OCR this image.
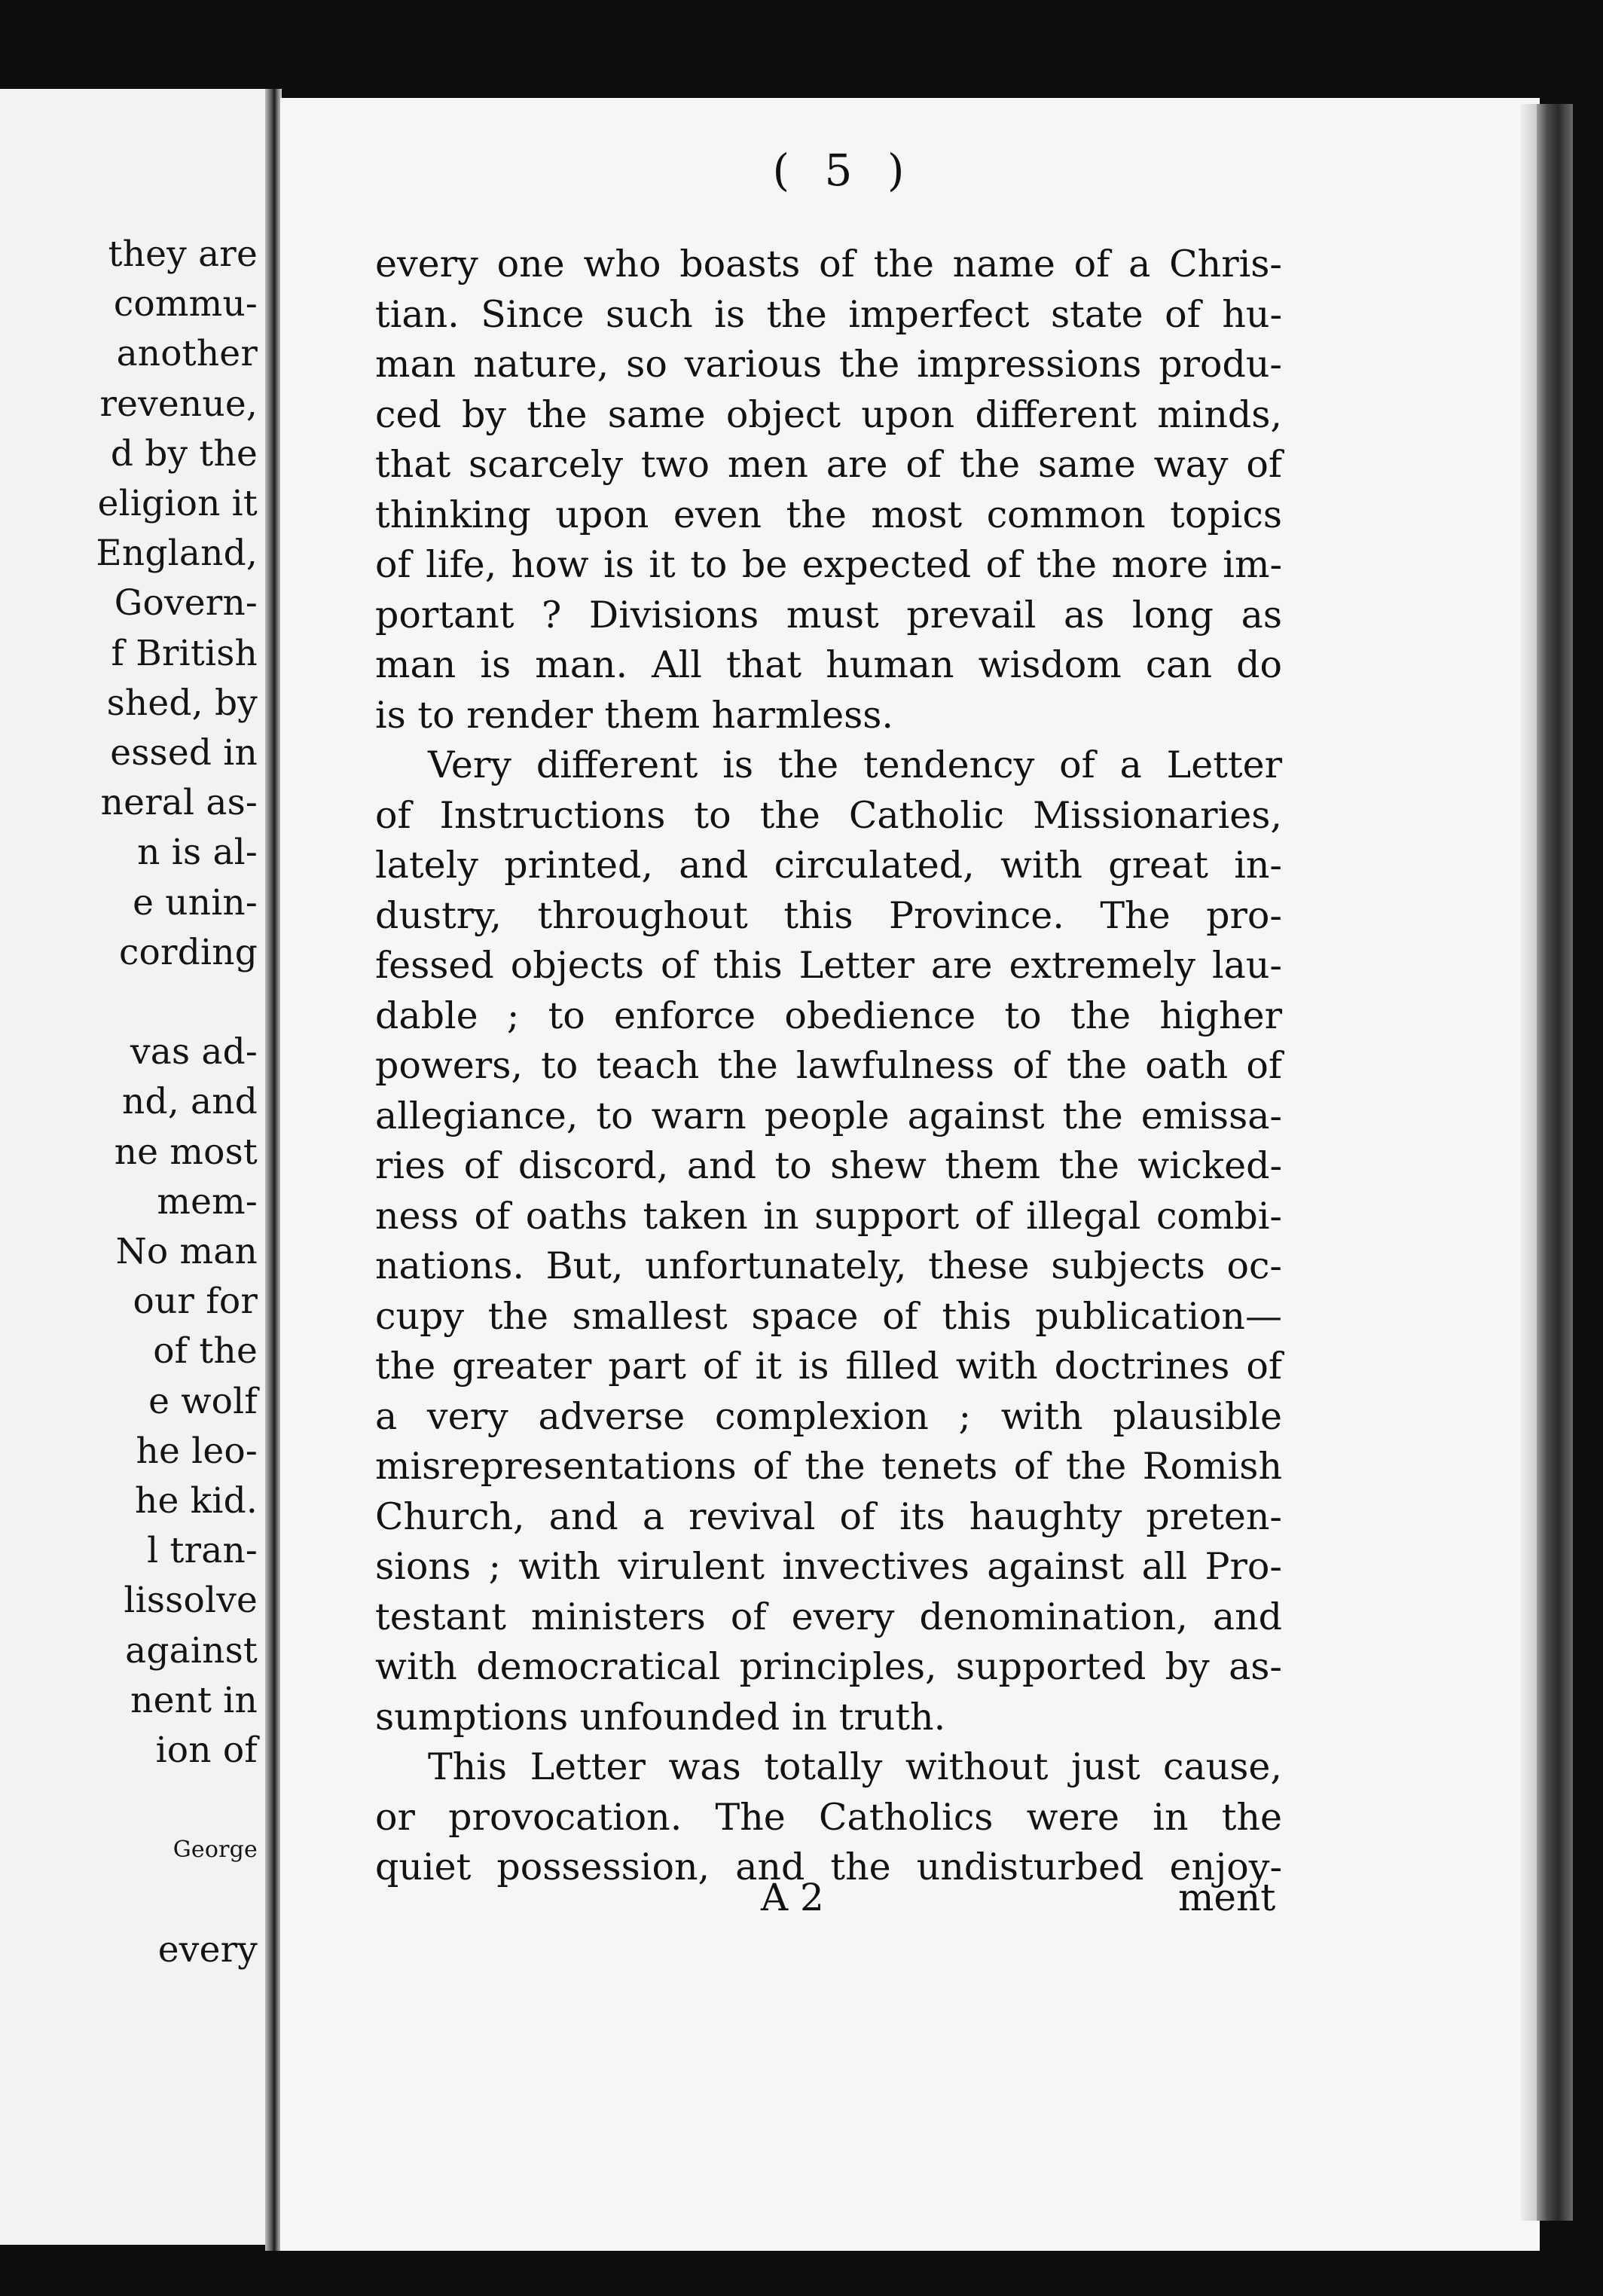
they are
commu-
another
revenue,
d by the
eligion it
England,
Govern-
f British
shed, by
essed in
neral as-
n is al-
e unin-
cording
vas ad-
nd, and
ne most
mem-
No man
our for
of the
e wolf
he leo-
he kid.
l tran-
lissolve
against
nent in
ion of
George
every
( 5 )
every one who boasts of the name of a Chris-
tian. Since such is the imperfect state of hu-
man nature, so various the impressions produ-
ced by the same object upon different minds,
that scarcely two men are of the same way of
thinking upon even the most common topics
of life, how is it to be expected of the more im-
portant ? Divisions must prevail as long as
man is man. All that human wisdom can do
is to render them harmless.
Very different is the tendency of a Letter
of Instructions to the Catholic Missionaries,
lately printed, and circulated, with great in-
dustry, throughout this Province. The pro-
fessed objects of this Letter are extremely lau-
dable ; to enforce obedience to the higher
powers, to teach the lawfulness of the oath of
allegiance, to warn people against the emissa-
ries of discord, and to shew them the wicked-
ness of oaths taken in support of illegal combi-
nations. But, unfortunately, these subjects oc-
cupy the smallest space of this publication—
the greater part of it is filled with doctrines of
a very adverse complexion ; with plausible
misrepresentations of the tenets of the Romish
Church, and a revival of its haughty preten-
sions ; with virulent invectives against all Pro-
testant ministers of every denomination, and
with democratical principles, supported by as-
sumptions unfounded in truth.
This Letter was totally without just cause,
or provocation. The Catholics were in the
quiet possession, and the undisturbed enjoy-
A 2	ment
